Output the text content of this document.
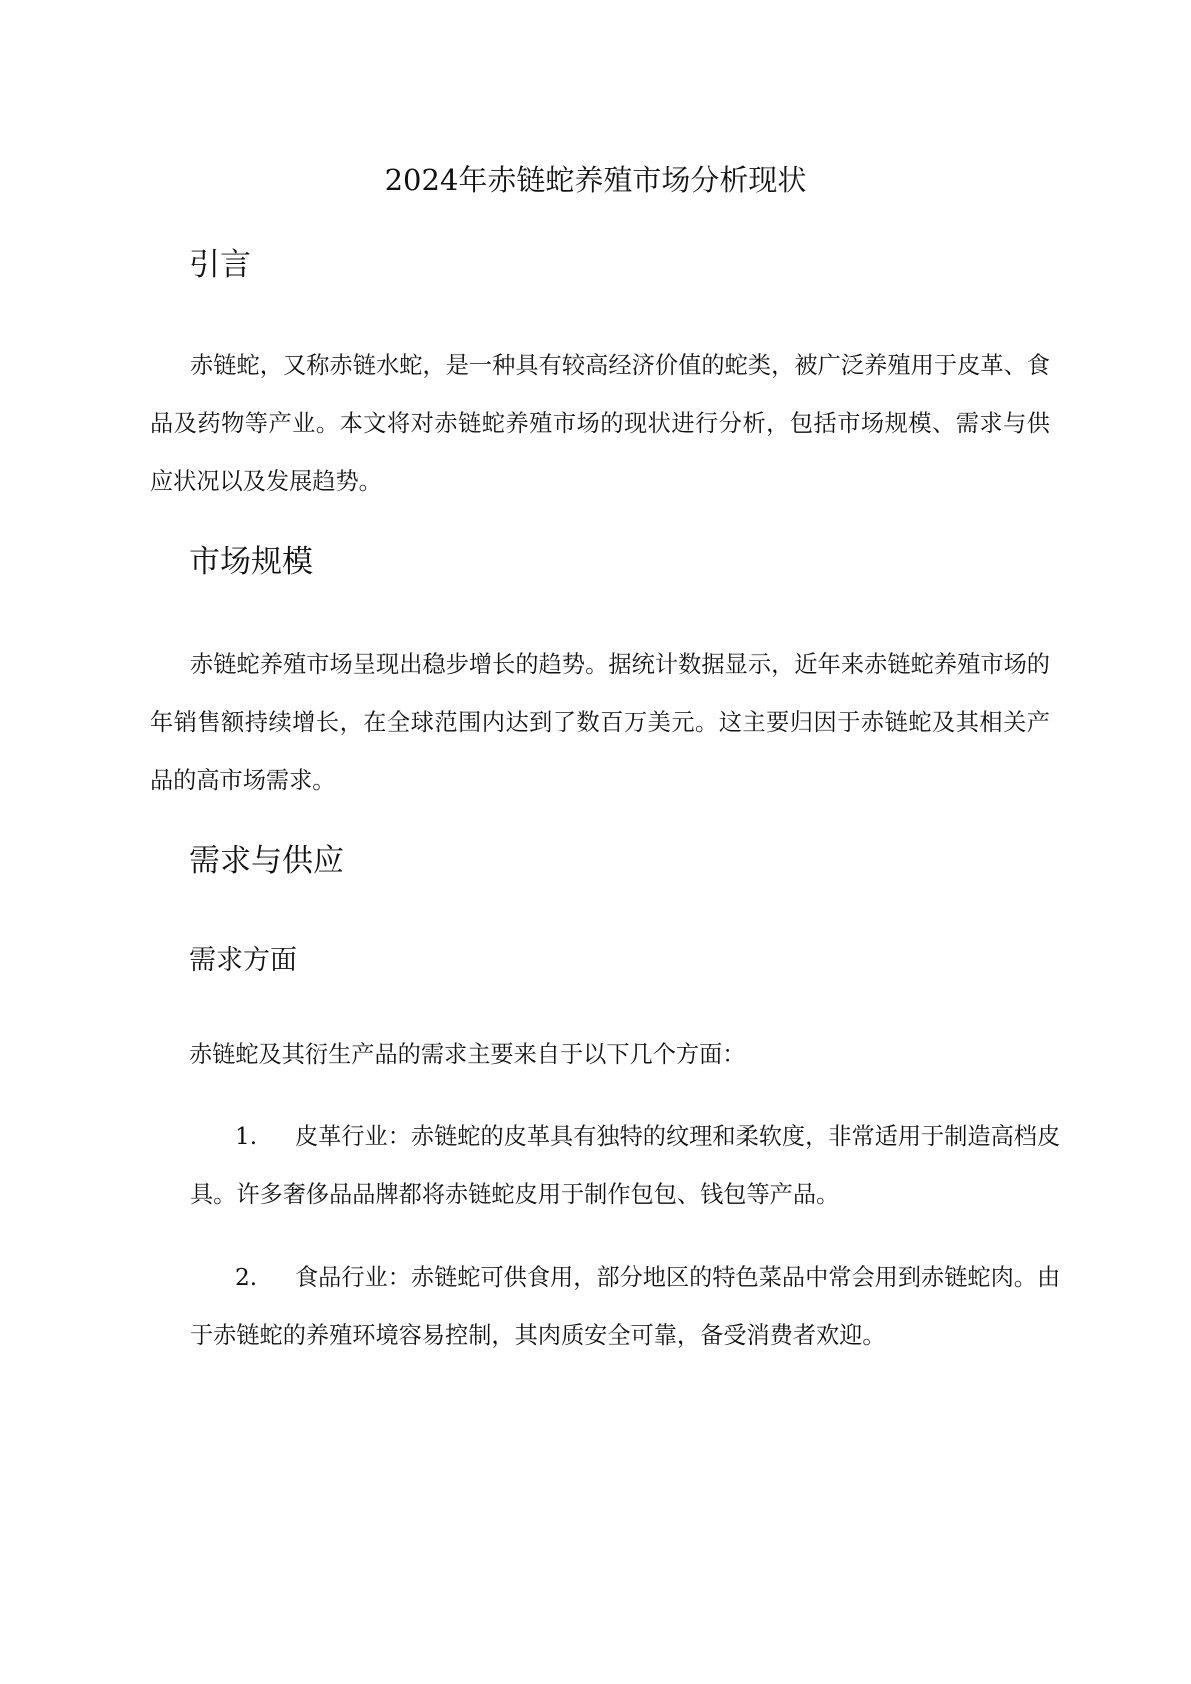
2024年赤链蛇养殖市场分析现状
引言

赤链蛇，又称赤链水蛇，是一种具有较高经济价值的蛇类，被广泛养殖用于皮革、食品及药物等产业。本文将对赤链蛇养殖市场的现状进行分析，包括市场规模、需求与供应状况以及发展趋势。

市场规模

赤链蛇养殖市场呈现出稳步增长的趋势。据统计数据显示，近年来赤链蛇养殖市场的年销售额持续增长，在全球范围内达到了数百万美元。这主要归因于赤链蛇及其相关产品的高市场需求。

需求与供应
需求方面
赤链蛇及其衍生产品的需求主要来自于以下几个方面：

1. 皮革行业：赤链蛇的皮革具有独特的纹理和柔软度，非常适用于制造高档皮具。许多奢侈品品牌都将赤链蛇皮用于制作包包、钱包等产品。

2. 食品行业：赤链蛇可供食用，部分地区的特色菜品中常会用到赤链蛇肉。由于赤链蛇的养殖环境容易控制，其肉质安全可靠，备受消费者欢迎。
